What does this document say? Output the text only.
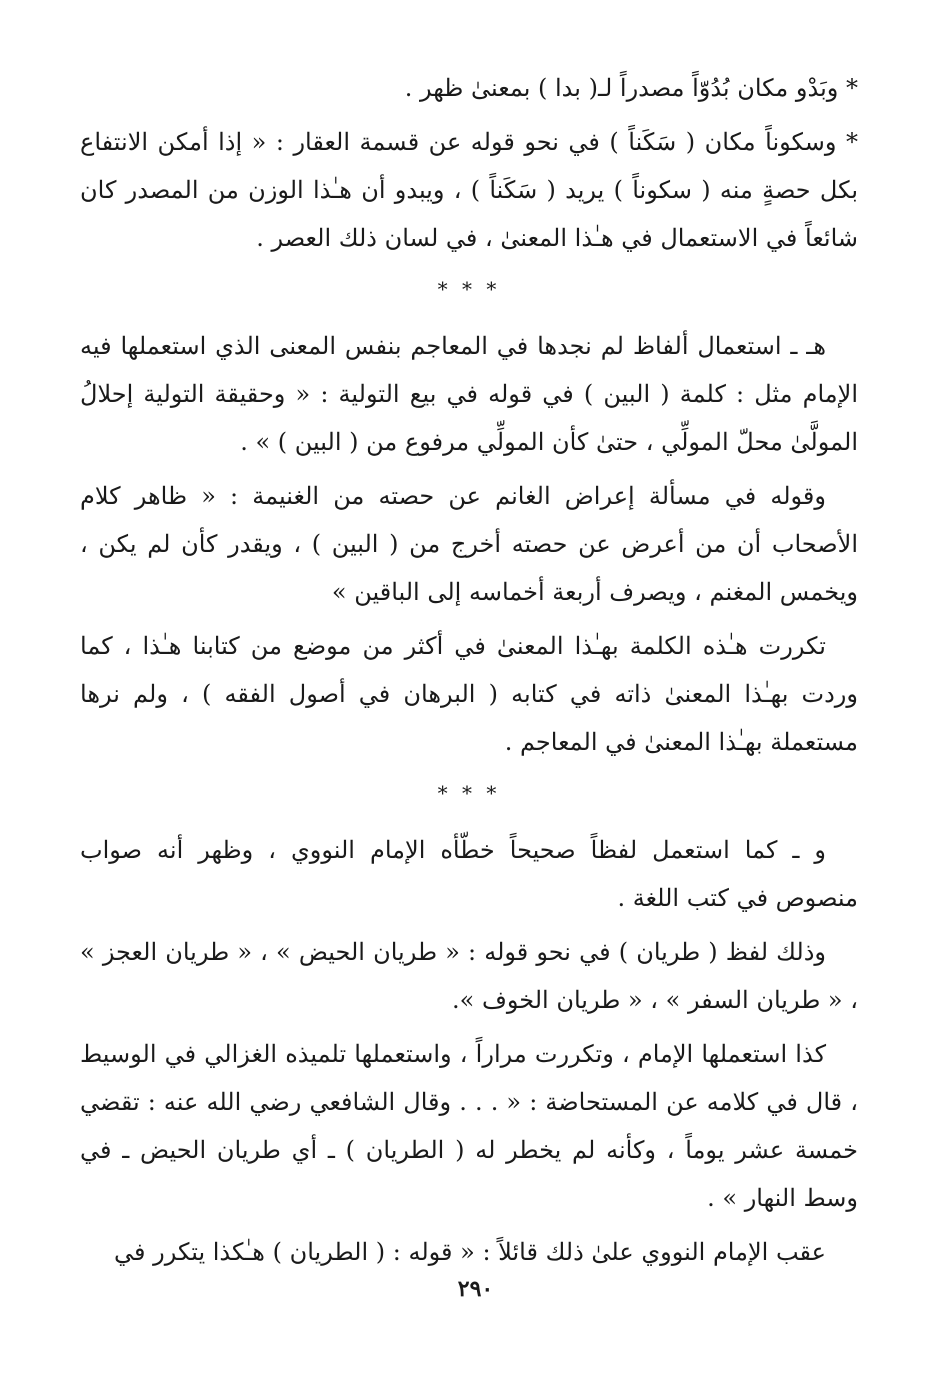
* وبَدْو مكان بُدُوّاً مصدراً لـ( بدا ) بمعنىٰ ظهر .

* وسكوناً مكان ( سَكَناً ) في نحو قوله عن قسمة العقار : « إذا أمكن الانتفاع بكل حصةٍ منه ( سكوناً ) يريد ( سَكَناً ) ، ويبدو أن هـٰذا الوزن من المصدر كان شائعاً في الاستعمال في هـٰذا المعنىٰ ، في لسان ذلك العصر .

* * *

هـ ـ استعمال ألفاظ لم نجدها في المعاجم بنفس المعنى الذي استعملها فيه الإمام مثل : كلمة ( البين ) في قوله في بيع التولية : « وحقيقة التولية إحلالُ المولَّىٰ محلّ المولِّي ، حتىٰ كأن المولِّي مرفوع من ( البين ) » .

وقوله في مسألة إعراض الغانم عن حصته من الغنيمة : « ظاهر كلام الأصحاب أن من أعرض عن حصته أخرج من ( البين ) ، ويقدر كأن لم يكن ، ويخمس المغنم ، ويصرف أربعة أخماسه إلى الباقين »

تكررت هـٰذه الكلمة بهـٰذا المعنىٰ في أكثر من موضع من كتابنا هـٰذا ، كما وردت بهـٰذا المعنىٰ ذاته في كتابه ( البرهان في أصول الفقه ) ، ولم نرها مستعملة بهـٰذا المعنىٰ في المعاجم .

* * *

و ـ كما استعمل لفظاً صحيحاً خطّأه الإمام النووي ، وظهر أنه صواب منصوص في كتب اللغة .

وذلك لفظ ( طريان ) في نحو قوله : « طريان الحيض » ، « طريان العجز » ، « طريان السفر » ، « طريان الخوف ».

كذا استعملها الإمام ، وتكررت مراراً ، واستعملها تلميذه الغزالي في الوسيط ، قال في كلامه عن المستحاضة : « . . . وقال الشافعي رضي الله عنه : تقضي خمسة عشر يوماً ، وكأنه لم يخطر له ( الطريان ) ـ أي طريان الحيض ـ في وسط النهار » .

عقب الإمام النووي علىٰ ذلك قائلاً : « قوله : ( الطريان ) هـٰكذا يتكرر في

٢٩٠
